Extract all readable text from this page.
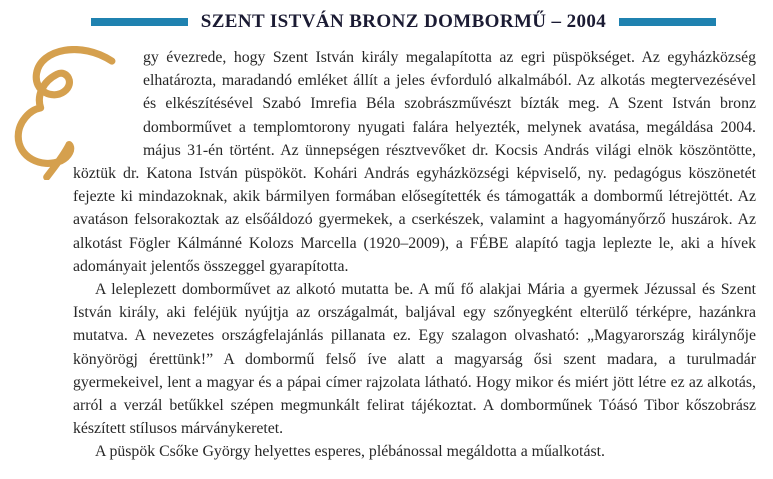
SZENT ISTVÁN BRONZ DOMBORMŰ – 2004

gy évezrede, hogy Szent István király megalapította az egri püspökséget. Az egyházközség elhatározta, maradandó emléket állít a jeles évforduló alkalmából. Az alkotás megtervezésével és elkészítésével Szabó Imrefia Béla szobrászművészt bízták meg. A Szent István bronz domborművet a templomtorony nyugati falára helyezték, melynek avatása, megáldása 2004. május 31-én történt. Az ünnepségen résztvevőket dr. Kocsis András világi elnök köszöntötte, köztük dr. Katona István püspököt. Kohári András egyházközségi képviselő, ny. pedagógus köszönetét fejezte ki mindazoknak, akik bármilyen formában elősegítették és támogatták a dombormű létrejöttét. Az avatáson felsorakoztak az elsőáldozó gyermekek, a cserkészek, valamint a hagyományőrző huszárok. Az alkotást Fögler Kálmánné Kolozs Marcella (1920–2009), a FÉBE alapító tagja leplezte le, aki a hívek adományait jelentős összeggel gyarapította.

A leleplezett domborművet az alkotó mutatta be. A mű fő alakjai Mária a gyermek Jézussal és Szent István király, aki feléjük nyújtja az országalmát, baljával egy szőnyegként elterülő térképre, hazánkra mutatva. A nevezetes országfelajánlás pillanata ez. Egy szalagon olvasható: „Magyarország királynője könyörögj érettünk!” A dombormű felső íve alatt a magyarság ősi szent madara, a turulmadár gyermekeivel, lent a magyar és a pápai címer rajzolata látható. Hogy mikor és miért jött létre ez az alkotás, arról a verzál betűkkel szépen megmunkált felirat tájékoztat. A domborműnek Tóásó Tibor kőszobrász készített stílusos márványkeretet.

A püspök Csőke György helyettes esperes, plébánossal megáldotta a műalkotást.
